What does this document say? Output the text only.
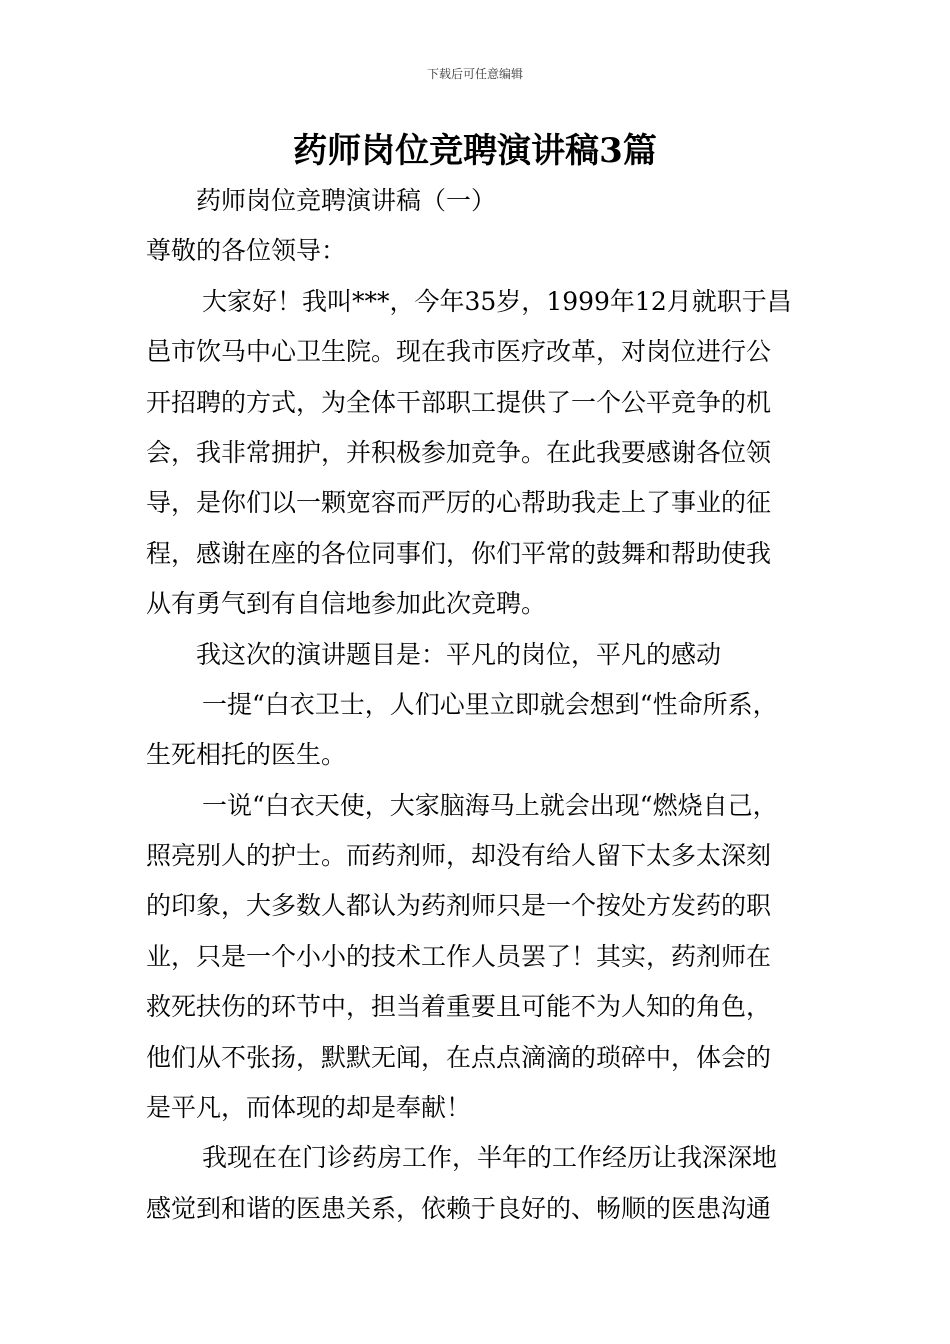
下载后可任意编辑
药师岗位竞聘演讲稿3篇
药师岗位竞聘演讲稿（一）
尊敬的各位领导：
大家好！我叫***，今年35岁，1999年12月就职于昌
邑市饮马中心卫生院。现在我市医疗改革，对岗位进行公
开招聘的方式，为全体干部职工提供了一个公平竞争的机
会，我非常拥护，并积极参加竞争。在此我要感谢各位领
导，是你们以一颗宽容而严厉的心帮助我走上了事业的征
程，感谢在座的各位同事们，你们平常的鼓舞和帮助使我
从有勇气到有自信地参加此次竞聘。
我这次的演讲题目是：平凡的岗位，平凡的感动
一提“白衣卫士，人们心里立即就会想到“性命所系，
生死相托的医生。
一说“白衣天使，大家脑海马上就会出现“燃烧自己，
照亮别人的护士。而药剂师，却没有给人留下太多太深刻
的印象，大多数人都认为药剂师只是一个按处方发药的职
业，只是一个小小的技术工作人员罢了！其实，药剂师在
救死扶伤的环节中，担当着重要且可能不为人知的角色，
他们从不张扬，默默无闻，在点点滴滴的琐碎中，体会的
是平凡，而体现的却是奉献！
我现在在门诊药房工作，半年的工作经历让我深深地
感觉到和谐的医患关系，依赖于良好的、畅顺的医患沟通
